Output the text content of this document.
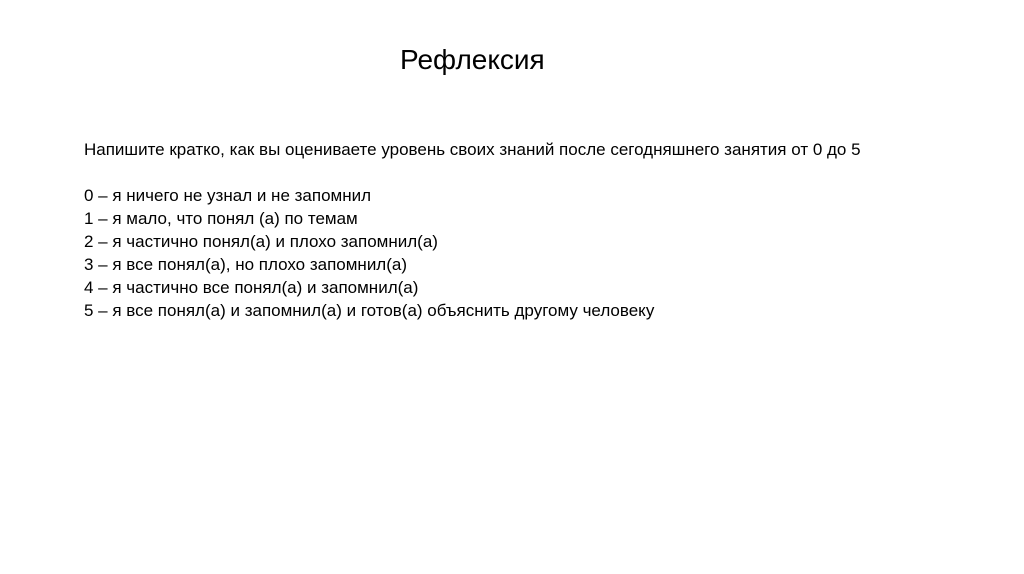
Рефлексия
Напишите кратко, как вы оцениваете уровень своих знаний после сегодняшнего занятия от 0 до 5
0 – я ничего не узнал и не запомнил
1 – я мало, что понял (а) по темам
2 – я частично понял(а) и плохо запомнил(а)
3 – я все понял(а), но плохо запомнил(а)
4 – я частично все понял(а) и запомнил(а)
5 – я все понял(а) и запомнил(а) и готов(а) объяснить другому человеку
